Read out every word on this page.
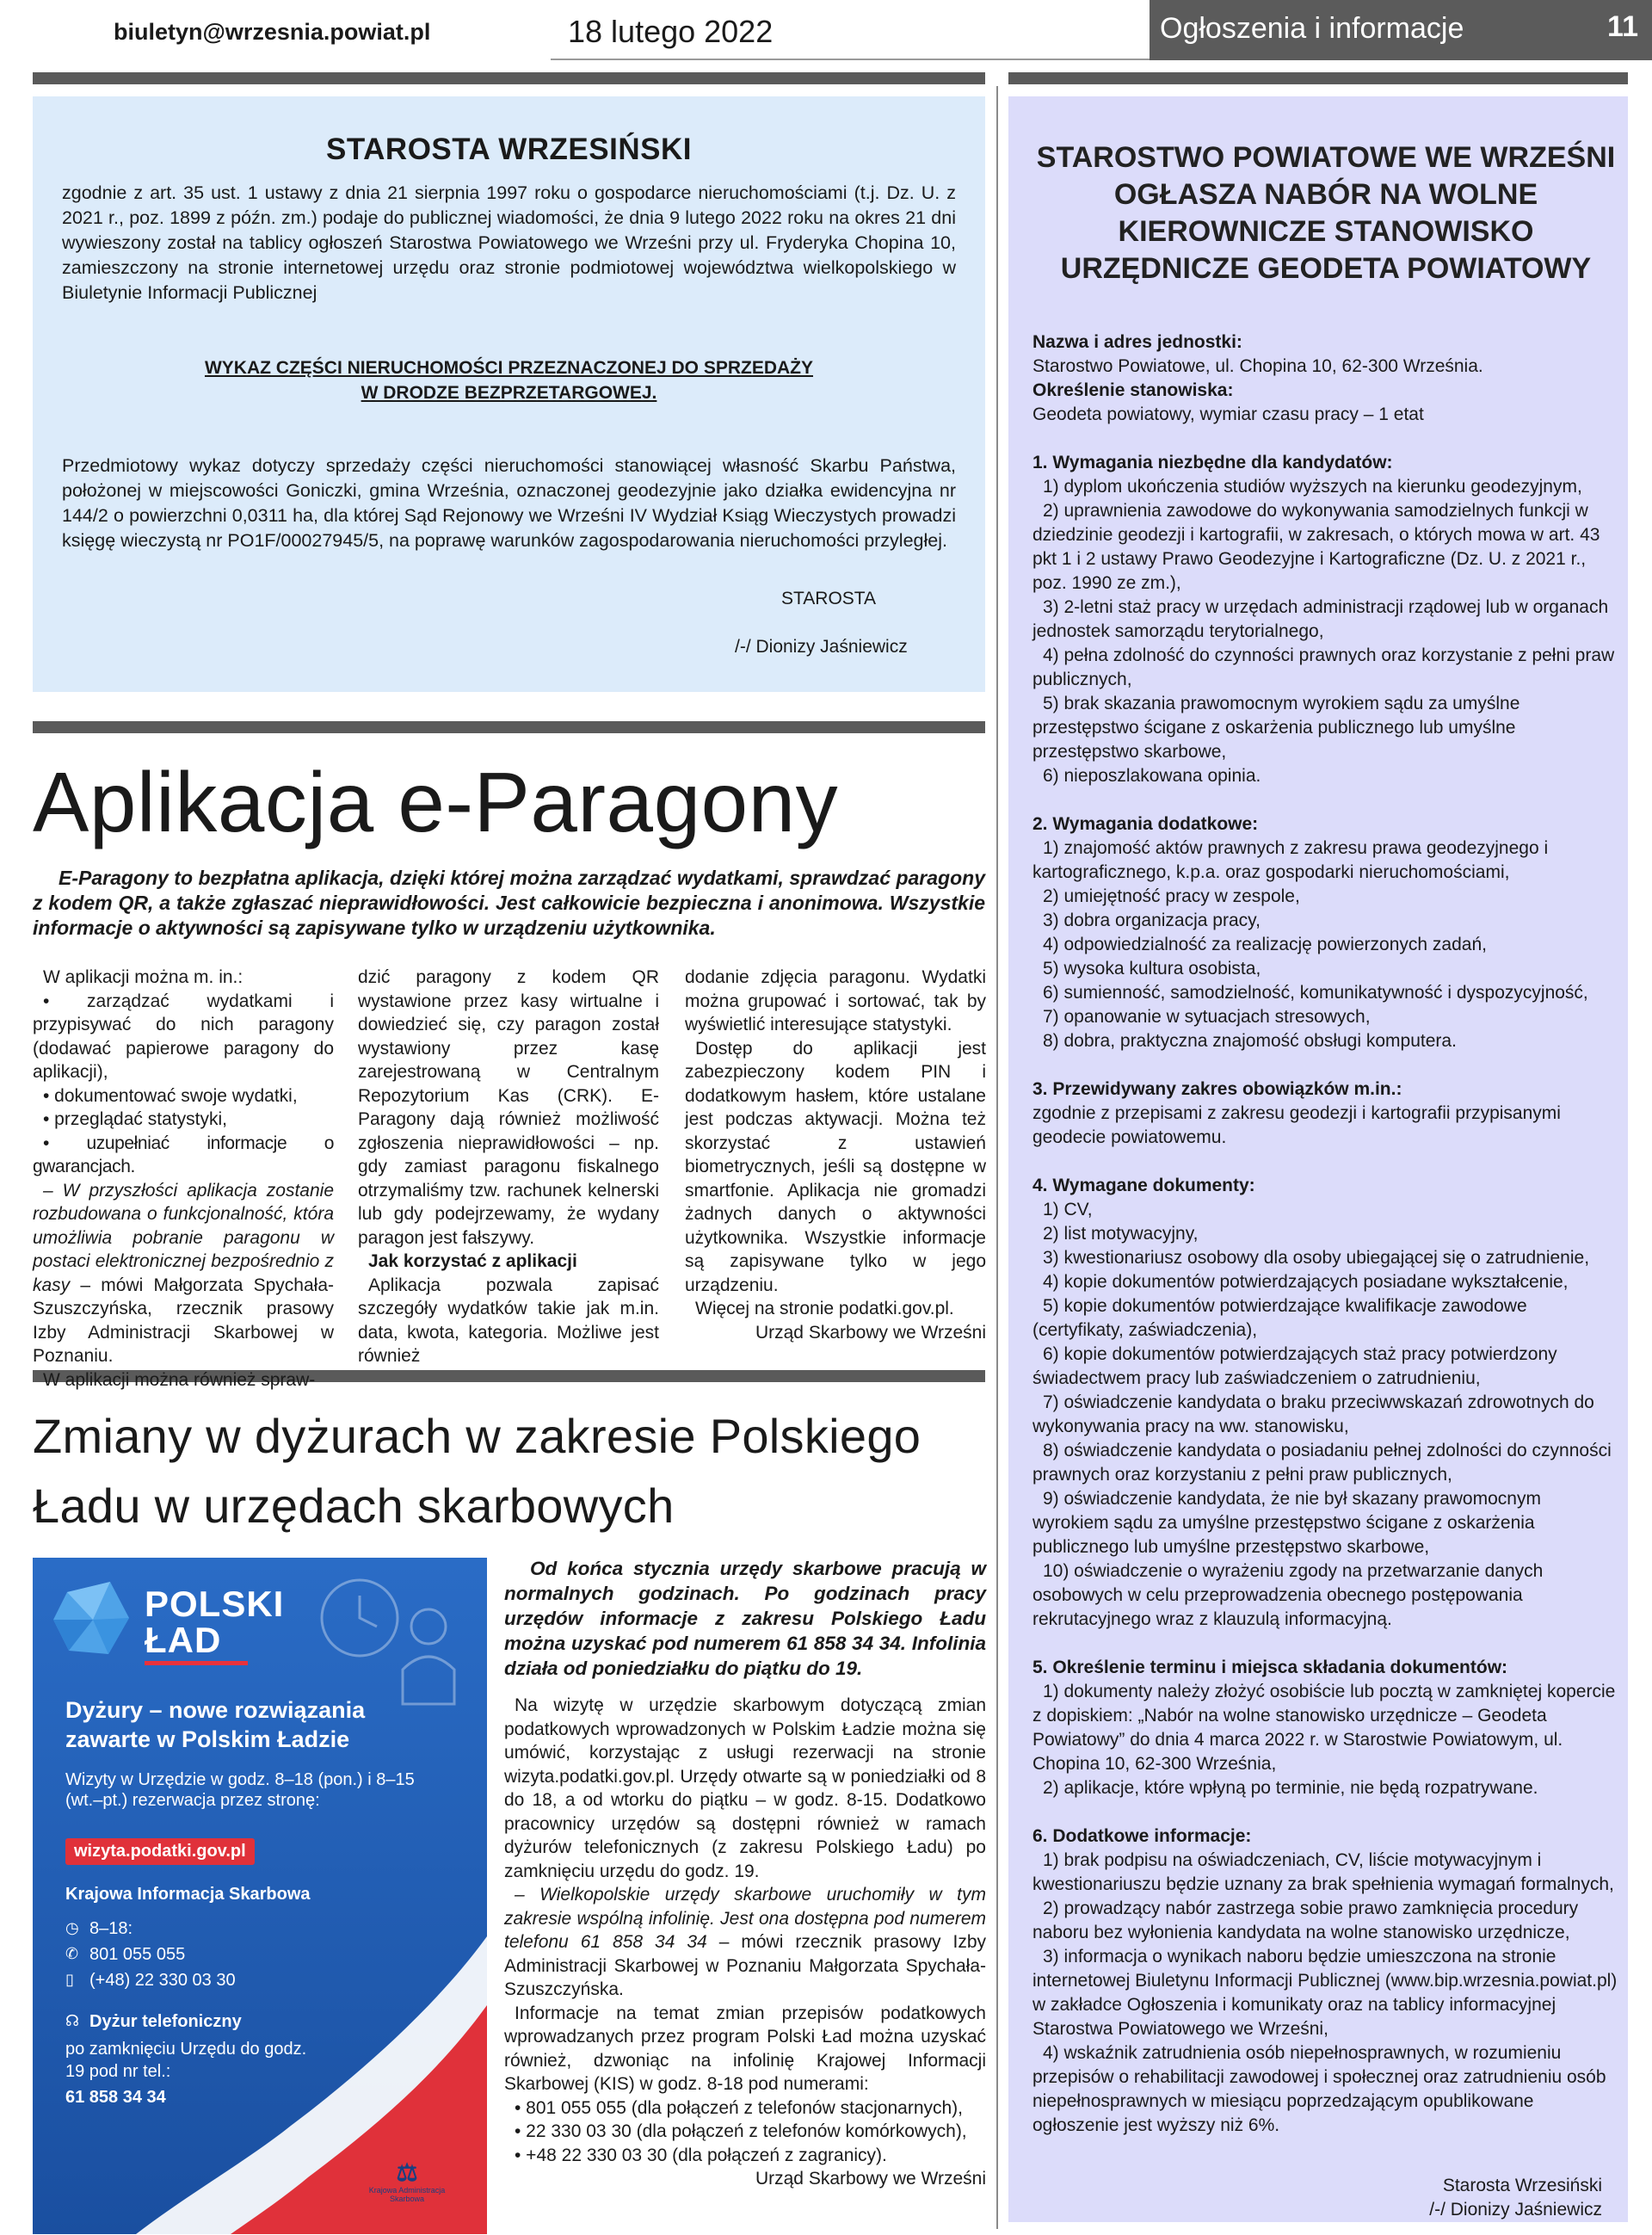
biuletyn@wrzesnia.powiat.pl	18 lutego 2022	Ogłoszenia i informacje	11
STAROSTA WRZESIŃSKI

zgodnie z art. 35 ust. 1 ustawy z dnia 21 sierpnia 1997 roku o gospodarce nieruchomościami (t.j. Dz. U. z 2021 r., poz. 1899 z późn. zm.) podaje do publicznej wiadomości, że dnia 9 lutego 2022 roku na okres 21 dni wywieszony został na tablicy ogłoszeń Starostwa Powiatowego we Wrześni przy ul. Fryderyka Chopina 10, zamieszczony na stronie internetowej urzędu oraz stronie podmiotowej województwa wielkopolskiego w Biuletynie Informacji Publicznej

WYKAZ CZĘŚCI NIERUCHOMOŚCI PRZEZNACZONEJ DO SPRZEDAŻY
W DRODZE BEZPRZETARGOWEJ.

Przedmiotowy wykaz dotyczy sprzedaży części nieruchomości stanowiącej własność Skarbu Państwa, położonej w miejscowości Goniczki, gmina Września, oznaczonej geodezyjnie jako działka ewidencyjna nr 144/2 o powierzchni 0,0311 ha, dla której Sąd Rejonowy we Wrześni IV Wydział Ksiąg Wieczystych prowadzi księgę wieczystą nr PO1F/00027945/5, na poprawę warunków zagospodarowania nieruchomości przyległej.

STAROSTA
/-/ Dionizy Jaśniewicz
STAROSTWO POWIATOWE WE WRZEŚNI OGŁASZA NABÓR NA WOLNE KIEROWNICZE STANOWISKO URZĘDNICZE GEODETA POWIATOWY

Nazwa i adres jednostki:

Starostwo Powiatowe, ul. Chopina 10, 62-300 Września.

Określenie stanowiska:

Geodeta powiatowy, wymiar czasu pracy – 1 etat

1. Wymagania niezbędne dla kandydatów:

1) dyplom ukończenia studiów wyższych na kierunku geodezyjnym,

2) uprawnienia zawodowe do wykonywania samodzielnych funkcji w dziedzinie geodezji i kartografii, w zakresach, o których mowa w art. 43 pkt 1 i 2 ustawy Prawo Geodezyjne i Kartograficzne (Dz. U. z 2021 r., poz. 1990 ze zm.),

3) 2-letni staż pracy w urzędach administracji rządowej lub w organach jednostek samorządu terytorialnego,

4) pełna zdolność do czynności prawnych oraz korzystanie z pełni praw publicznych,

5) brak skazania prawomocnym wyrokiem sądu za umyślne przestępstwo ścigane z oskarżenia publicznego lub umyślne przestępstwo skarbowe,

6) nieposzlakowana opinia.

2. Wymagania dodatkowe:

1) znajomość aktów prawnych z zakresu prawa geodezyjnego i kartograficznego, k.p.a. oraz gospodarki nieruchomościami,

2) umiejętność pracy w zespole,

3) dobra organizacja pracy,

4) odpowiedzialność za realizację powierzonych zadań,

5) wysoka kultura osobista,

6) sumienność, samodzielność, komunikatywność i dyspozycyjność,

7) opanowanie w sytuacjach stresowych,

8) dobra, praktyczna znajomość obsługi komputera.

3. Przewidywany zakres obowiązków m.in.:

zgodnie z przepisami z zakresu geodezji i kartografii przypisanymi geodecie powiatowemu.

4. Wymagane dokumenty:

1) CV,

2) list motywacyjny,

3) kwestionariusz osobowy dla osoby ubiegającej się o zatrudnienie,

4) kopie dokumentów potwierdzających posiadane wykształcenie,

5) kopie dokumentów potwierdzające kwalifikacje zawodowe (certyfikaty, zaświadczenia),

6) kopie dokumentów potwierdzających staż pracy potwierdzony świadectwem pracy lub zaświadczeniem o zatrudnieniu,

7) oświadczenie kandydata o braku przeciwwskazań zdrowotnych do wykonywania pracy na ww. stanowisku,

8) oświadczenie kandydata o posiadaniu pełnej zdolności do czynności prawnych oraz korzystaniu z pełni praw publicznych,

9) oświadczenie kandydata, że nie był skazany prawomocnym wyrokiem sądu za umyślne przestępstwo ścigane z oskarżenia publicznego lub umyślne przestępstwo skarbowe,

10) oświadczenie o wyrażeniu zgody na przetwarzanie danych osobowych w celu przeprowadzenia obecnego postępowania rekrutacyjnego wraz z klauzulą informacyjną.

5. Określenie terminu i miejsca składania dokumentów:

1) dokumenty należy złożyć osobiście lub pocztą w zamkniętej kopercie z dopiskiem: „Nabór na wolne stanowisko urzędnicze – Geodeta Powiatowy” do dnia 4 marca 2022 r. w Starostwie Powiatowym, ul. Chopina 10, 62-300 Września,

2) aplikacje, które wpłyną po terminie, nie będą rozpatrywane.

6. Dodatkowe informacje:

1) brak podpisu na oświadczeniach, CV, liście motywacyjnym i kwestionariuszu będzie uznany za brak spełnienia wymagań formalnych,

2) prowadzący nabór zastrzega sobie prawo zamknięcia procedury naboru bez wyłonienia kandydata na wolne stanowisko urzędnicze,

3) informacja o wynikach naboru będzie umieszczona na stronie internetowej Biuletynu Informacji Publicznej (www.bip.wrzesnia.powiat.pl) w zakładce Ogłoszenia i komunikaty oraz na tablicy informacyjnej Starostwa Powiatowego we Wrześni,

4) wskaźnik zatrudnienia osób niepełnosprawnych, w rozumieniu przepisów o rehabilitacji zawodowej i społecznej oraz zatrudnieniu osób niepełnosprawnych w miesiącu poprzedzającym opublikowane ogłoszenie jest wyższy niż 6%.

Starosta Wrzesiński

/-/ Dionizy Jaśniewicz

Aplikacja e-Paragony

E-Paragony to bezpłatna aplikacja, dzięki której można zarządzać wydatkami, sprawdzać paragony z kodem QR, a także zgłaszać nieprawidłowości. Jest całkowicie bezpieczna i anonimowa. Wszystkie informacje o aktywności są zapisywane tylko w urządzeniu użytkownika.

W aplikacji można m. in.:

• zarządzać wydatkami i przypisywać do nich paragony (dodawać papierowe paragony do aplikacji),

• dokumentować swoje wydatki,

• przeglądać statystyki,

• uzupełniać informacje o gwarancjach.

– W przyszłości aplikacja zostanie rozbudowana o funkcjonalność, która umożliwia pobranie paragonu w postaci elektronicznej bezpośrednio z kasy – mówi Małgorzata Spychała-Szuszczyńska, rzecznik prasowy Izby Administracji Skarbowej w Poznaniu.

W aplikacji można również spraw-

dzić paragony z kodem QR wystawione przez kasy wirtualne i dowiedzieć się, czy paragon został wystawiony przez kasę zarejestrowaną w Centralnym Repozytorium Kas (CRK). E-Paragony dają również możliwość zgłoszenia nieprawidłowości – np. gdy zamiast paragonu fiskalnego otrzymaliśmy tzw. rachunek kelnerski lub gdy podejrzewamy, że wydany paragon jest fałszywy.

Jak korzystać z aplikacji

Aplikacja pozwala zapisać szczegóły wydatków takie jak m.in. data, kwota, kategoria. Możliwe jest również

dodanie zdjęcia paragonu. Wydatki można grupować i sortować, tak by wyświetlić interesujące statystyki.

Dostęp do aplikacji jest zabezpieczony kodem PIN i dodatkowym hasłem, które ustalane jest podczas aktywacji. Można też skorzystać z ustawień biometrycznych, jeśli są dostępne w smartfonie. Aplikacja nie gromadzi żadnych danych o aktywności użytkownika. Wszystkie informacje są zapisywane tylko w jego urządzeniu.

Więcej na stronie podatki.gov.pl.

Urząd Skarbowy we Wrześni

Zmiany w dyżurach w zakresie Polskiego Ładu w urzędach skarbowych

Od końca stycznia urzędy skarbowe pracują w normalnych godzinach. Po godzinach pracy urzędów informacje z zakresu Polskiego Ładu można uzyskać pod numerem 61 858 34 34. Infolinia działa od poniedziałku do piątku do 19.

Na wizytę w urzędzie skarbowym dotyczącą zmian podatkowych wprowadzonych w Polskim Ładzie można się umówić, korzystając z usługi rezerwacji na stronie wizyta.podatki.gov.pl. Urzędy otwarte są w poniedziałki od 8 do 18, a od wtorku do piątku – w godz. 8-15. Dodatkowo pracownicy urzędów są dostępni również w ramach dyżurów telefonicznych (z zakresu Polskiego Ładu) po zamknięciu urzędu do godz. 19.

– Wielkopolskie urzędy skarbowe uruchomiły w tym zakresie wspólną infolinię. Jest ona dostępna pod numerem telefonu 61 858 34 34 – mówi rzecznik prasowy Izby Administracji Skarbowej w Poznaniu Małgorzata Spychała-Szuszczyńska.

Informacje na temat zmian przepisów podatkowych wprowadzanych przez program Polski Ład można uzyskać również, dzwoniąc na infolinię Krajowej Informacji Skarbowej (KIS) w godz. 8-18 pod numerami:

• 801 055 055 (dla połączeń z telefonów stacjonarnych),

• 22 330 03 30 (dla połączeń z telefonów komórkowych),

• +48 22 330 03 30 (dla połączeń z zagranicy).

Urząd Skarbowy we Wrześni

POLSKI
ŁAD
Dyżury – nowe rozwiązania zawarte w Polskim Ładzie
Wizyty w Urzędzie w godz. 8–18 (pon.) i 8–15 (wt.–pt.) rezerwacja przez stronę:
wizyta.podatki.gov.pl
Krajowa Informacja Skarbowa
◷ 8–18:
✆ 801 055 055
▯ (+48) 22 330 03 30
☊ Dyżur telefoniczny
po zamknięciu Urzędu do godz. 19 pod nr tel.:
61 858 34 34
⚖
Krajowa Administracja Skarbowa
